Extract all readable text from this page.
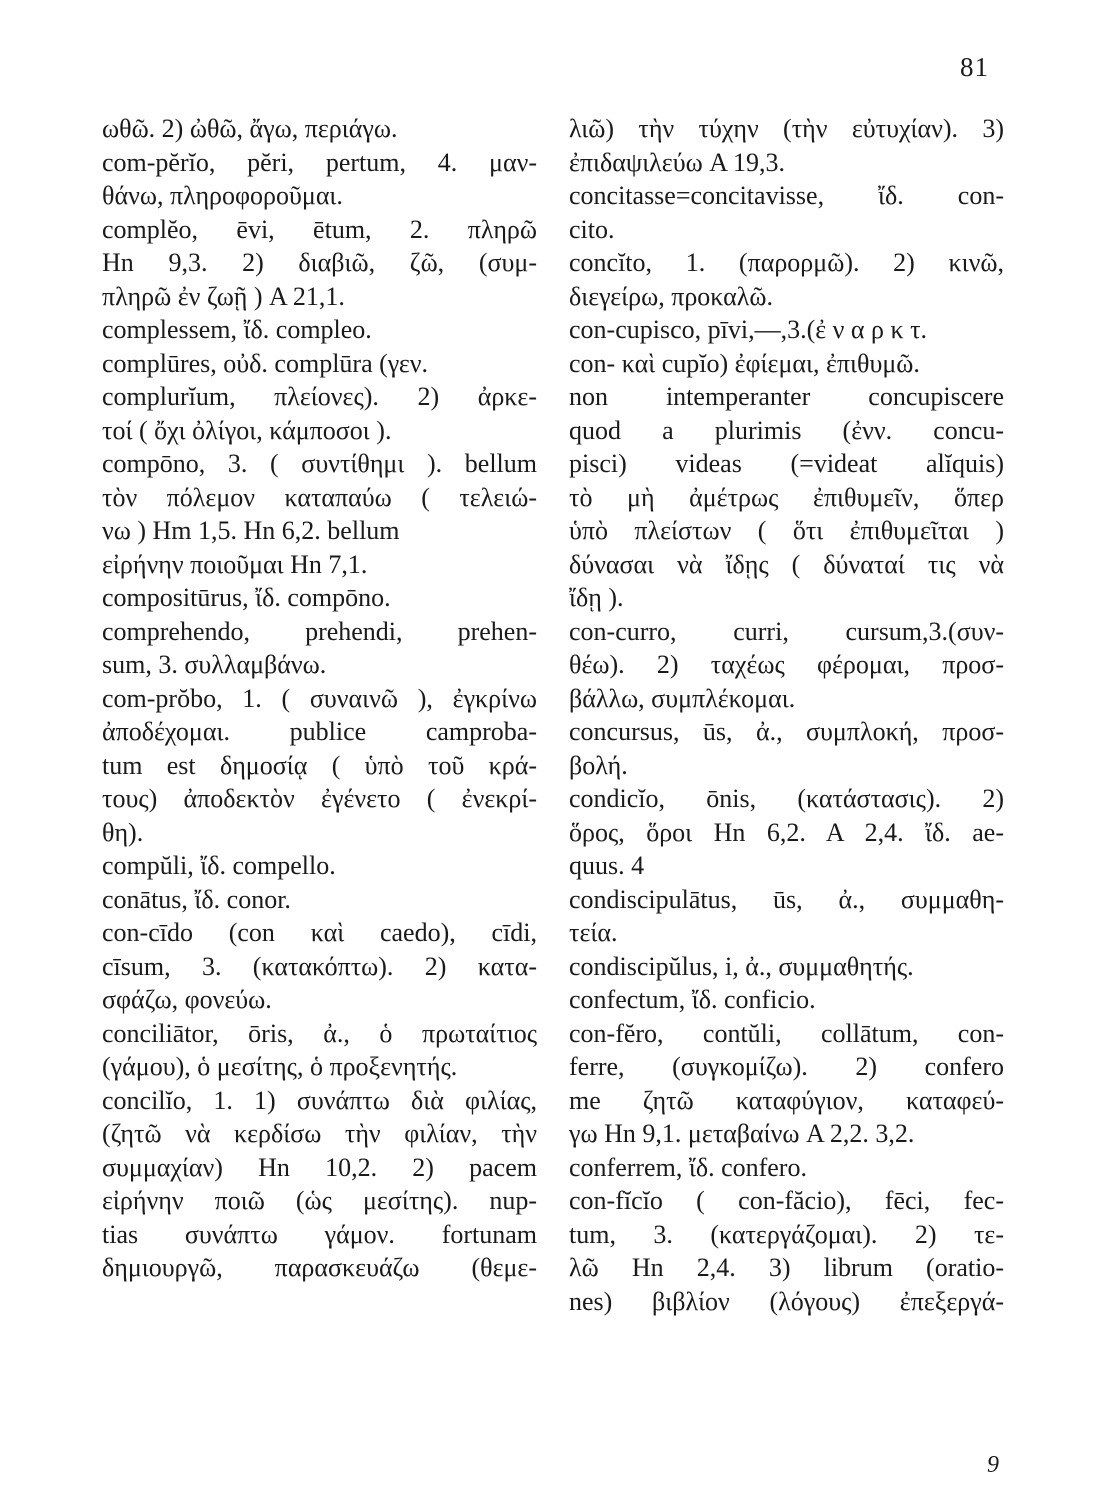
81
ωθῶ. 2) ὠθῶ, ἄγω, περιάγω.
com-pĕrĭo, pĕri, pertum, 4. μαν-
θάνω, πληροφοροῦμαι.
complĕo, ēvi, ētum, 2. πληρῶ
Hn 9,3. 2) διαβιῶ, ζῶ, (συμ-
πληρῶ ἐν ζωῇ ) A 21,1.
complessem, ἴδ. compleo.
complūres, οὐδ. complūra (γεν.
complurĭum, πλείονες). 2) ἀρκε-
τοί ( ὄχι ὀλίγοι, κάμποσοι ).
compōno, 3. ( συντίθημι ). bellum
τὸν πόλεμον καταπαύω ( τελειώ-
νω ) Hm 1,5. Hn 6,2. bellum
εἰρήνην ποιοῦμαι Hn 7,1.
compositūrus, ἴδ. compōno.
comprehendo, prehendi, prehen-
sum, 3. συλλαμβάνω.
com-prŏbo, 1. ( συναινῶ ), ἐγκρίνω
ἀποδέχομαι. publice camproba-
tum est δημοσίᾳ ( ὑπὸ τοῦ κρά-
τους) ἀποδεκτὸν ἐγένετο ( ἐνεκρί-
θη).
compŭli, ἴδ. compello.
conātus, ἴδ. conor.
con-cīdo (con καὶ caedo), cīdi,
cīsum, 3. (κατακόπτω). 2) κατα-
σφάζω, φονεύω.
conciliātor, ōris, ἀ., ὁ πρωταίτιος
(γάμου), ὁ μεσίτης, ὁ προξενητής.
concilĭo, 1. 1) συνάπτω διὰ φιλίας,
(ζητῶ νὰ κερδίσω τὴν φιλίαν, τὴν
συμμαχίαν) Hn 10,2. 2) pacem
εἰρήνην ποιῶ (ὡς μεσίτης). nup-
tias συνάπτω γάμον. fortunam
δημιουργῶ, παρασκευάζω (θεμε-
λιῶ) τὴν τύχην (τὴν εὐτυχίαν). 3)
ἐπιδαψιλεύω A 19,3.
concitasse=concitavisse, ἴδ. con-
cito.
concĭto, 1. (παρορμῶ). 2) κινῶ,
διεγείρω, προκαλῶ.
con-cupisco, pīvi,—,3.(ἐ ν α ρ κ τ.
con- καὶ cupĭo) ἐφίεμαι, ἐπιθυμῶ.
non intemperanter concupiscere
quod a plurimis (ἐνν. concu-
pisci) videas (=videat alĭquis)
τὸ μὴ ἀμέτρως ἐπιθυμεῖν, ὅπερ
ὑπὸ πλείστων ( ὅτι ἐπιθυμεῖται )
δύνασαι νὰ ἴδῃς ( δύναταί τις νὰ
ἴδῃ ).
con-curro, curri, cursum,3.(συν-
θέω). 2) ταχέως φέρομαι, προσ-
βάλλω, συμπλέκομαι.
concursus, ūs, ἀ., συμπλοκή, προσ-
βολή.
condicĭo, ōnis, (κατάστασις). 2)
ὅρος, ὅροι Hn 6,2. A 2,4. ἴδ. ae-
quus. 4
condiscipulātus, ūs, ἀ., συμμαθη-
τεία.
condiscipŭlus, i, ἀ., συμμαθητής.
confectum, ἴδ. conficio.
con-fĕro, contŭli, collātum, con-
ferre, (συγκομίζω). 2) confero
me ζητῶ καταφύγιον, καταφεύ-
γω Hn 9,1. μεταβαίνω A 2,2. 3,2.
conferrem, ἴδ. confero.
con-fĭcĭo ( con-făcio), fēci, fec-
tum, 3. (κατεργάζομαι). 2) τε-
λῶ Hn 2,4. 3) librum (oratio-
nes) βιβλίον (λόγους) ἐπεξεργά-
9
